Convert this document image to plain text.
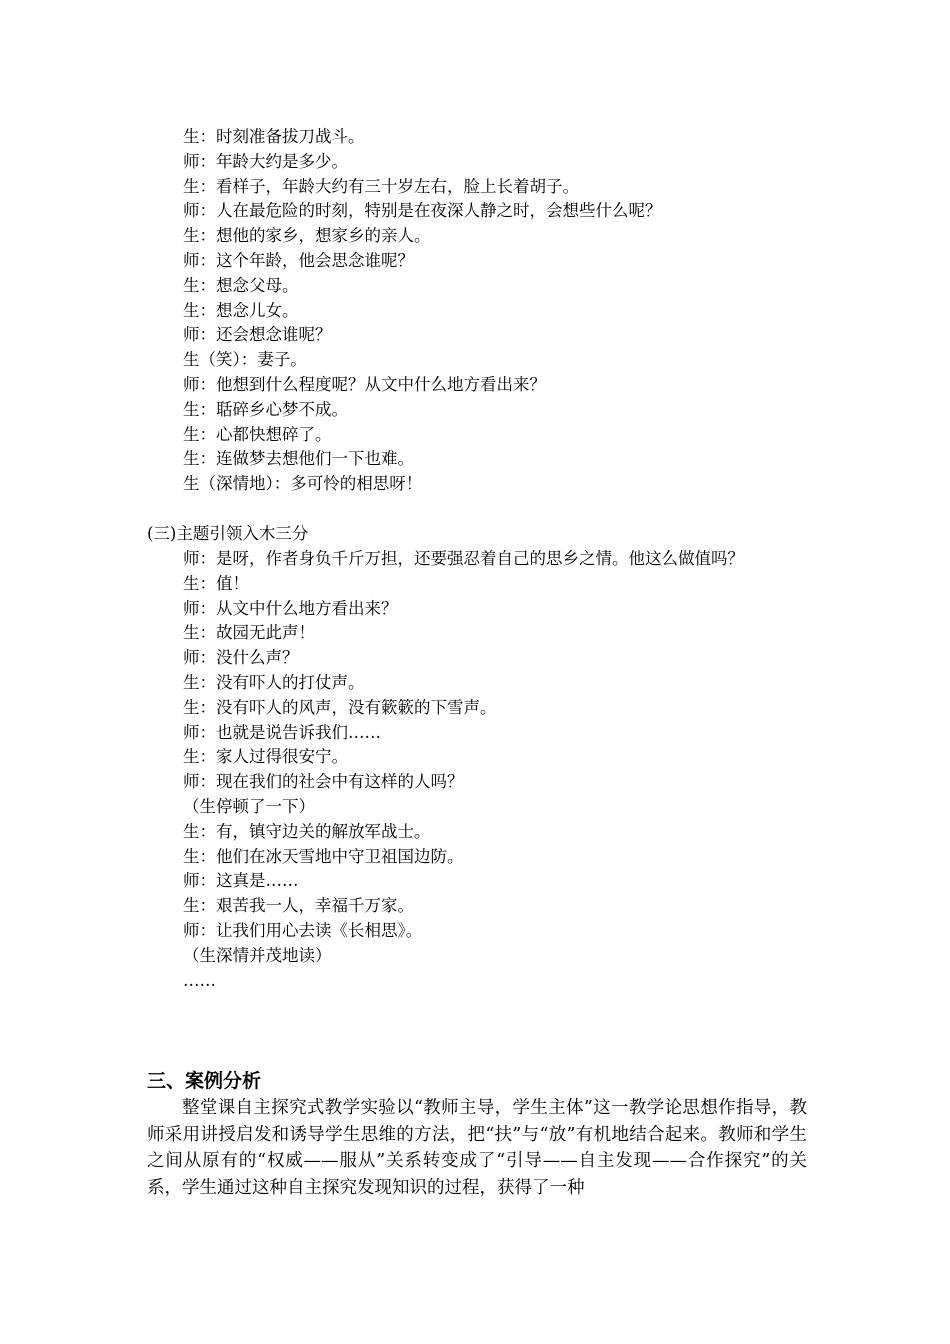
生：时刻准备拔刀战斗。
师：年龄大约是多少。
生：看样子，年龄大约有三十岁左右，脸上长着胡子。
师：人在最危险的时刻，特别是在夜深人静之时，会想些什么呢？
生：想他的家乡，想家乡的亲人。
师：这个年龄，他会思念谁呢？
生：想念父母。
生：想念儿女。
师：还会想念谁呢？
生（笑）：妻子。
师：他想到什么程度呢？从文中什么地方看出来？
生：聒碎乡心梦不成。
生：心都快想碎了。
生：连做梦去想他们一下也难。
生（深情地）：多可怜的相思呀！
(三)主题引领入木三分
师：是呀，作者身负千斤万担，还要强忍着自己的思乡之情。他这么做值吗？
生：值！
师：从文中什么地方看出来？
生：故园无此声！
师：没什么声？
生：没有吓人的打仗声。
生：没有吓人的风声，没有簌簌的下雪声。
师：也就是说告诉我们……
生：家人过得很安宁。
师：现在我们的社会中有这样的人吗？
（生停顿了一下）
生：有，镇守边关的解放军战士。
生：他们在冰天雪地中守卫祖国边防。
师：这真是……
生：艰苦我一人，幸福千万家。
师：让我们用心去读《长相思》。
（生深情并茂地读）
……
三、案例分析

整堂课自主探究式教学实验以“教师主导，学生主体”这一教学论思想作指导，教师采用讲授启发和诱导学生思维的方法，把“扶”与“放”有机地结合起来。教师和学生之间从原有的“权威——服从”关系转变成了“引导——自主发现——合作探究”的关系，学生通过这种自主探究发现知识的过程，获得了一种
